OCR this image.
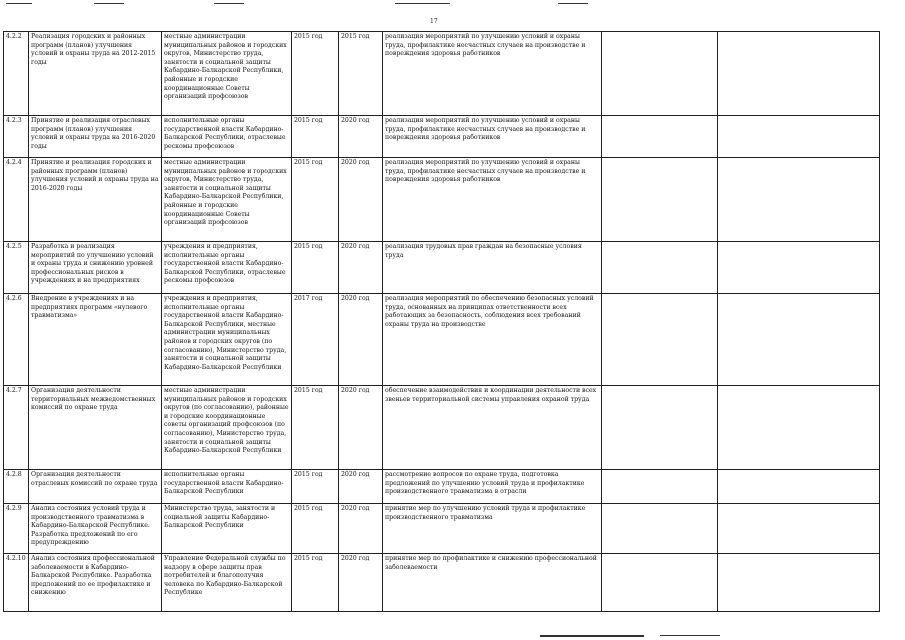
17
4.2.2	Реализация городских и районных программ (планов) улучшения условий и охраны труда на 2012-2015 годы	местные администрации муниципальных районов и городских округов, Министерство труда, занятости и социальной защиты Кабардино-Балкарской Республики, районные и городские координационные Советы организаций профсоюзов	2015 год	2015 год	реализация мероприятий по улучшению условий и охраны труда, профилактике несчастных случаев на производстве и повреждения здоровья работников		
4.2.3	Принятие и реализация отраслевых программ (планов) улучшения условий и охраны труда на 2016-2020 годы	исполнительные органы государственной власти Кабардино-Балкарской Республики, отраслевые рескомы профсоюзов	2015 год	2020 год	реализация мероприятий по улучшению условий и охраны труда, профилактике несчастных случаев на производстве и повреждения здоровья работников		
4.2.4	Принятие и реализация городских и районных программ (планов) улучшения условий и охраны труда на 2016-2020 годы	местные администрации муниципальных районов и городских округов, Министерство труда, занятости и социальной защиты Кабардино-Балкарской Республики, районные и городские координационные Советы организаций профсоюзов	2015 год	2020 год	реализация мероприятий по улучшению условий и охраны труда, профилактике несчастных случаев на производстве и повреждения здоровья работников		
4.2.5	Разработка и реализация мероприятий по улучшению условий и охраны труда и снижению уровней профессиональных рисков в учреждениях и на предприятиях	учреждения и предприятия, исполнительные органы государственной власти Кабардино-Балкарской Республики, отраслевые рескомы профсоюзов	2015 год	2020 год	реализация трудовых прав граждан на безопасные условия труда		
4.2.6	Внедрение в учреждениях и на предприятиях программ «нулевого травматизма»	учреждения и предприятия, исполнительные органы государственной власти Кабардино-Балкарской Республики, местные администрации муниципальных районов и городских округов (по согласованию), Министерство труда, занятости и социальной защиты Кабардино-Балкарской Республики	2017 год	2020 год	реализация мероприятий по обеспечению безопасных условий труда, основанных на принципах ответственности всех работающих за безопасность, соблюдения всех требований охраны труда на производстве		
4.2.7	Организация деятельности территориальных межведомственных комиссий по охране труда	местные администрации муниципальных районов и городских округов (по согласованию), районные и городские координационные советы организаций профсоюзов (по согласованию), Министерство труда, занятости и социальной защиты Кабардино-Балкарской Республики	2015 год	2020 год	обеспечение взаимодействия и координации деятельности всех звеньев территориальной системы управления охраной труда		
4.2.8	Организация деятельности отраслевых комиссий по охране труда	исполнительные органы государственной власти Кабардино-Балкарской Республики	2015 год	2020 год	рассмотрение вопросов по охране труда, подготовка предложений по улучшению условий труда и профилактике производственного травматизма в отрасли		
4.2.9	Анализ состояния условий труда и производственного травматизма в Кабардино-Балкарской Республике. Разработка предложений по его предупреждению	Министерство труда, занятости и социальной защиты Кабардино-Балкарской Республики	2015 год	2020 год	принятие мер по улучшению условий труда и профилактике производственного травматизма		
4.2.10	Анализ состояния профессиональной заболеваемости в Кабардино-Балкарской Республике. Разработка предложений по ее профилактике и снижению	Управление Федеральной службы по надзору в сфере защиты прав потребителей и благополучия человека по Кабардино-Балкарской Республике	2015 год	2020 год	принятие мер по профилактике и снижению профессиональной заболеваемости		
